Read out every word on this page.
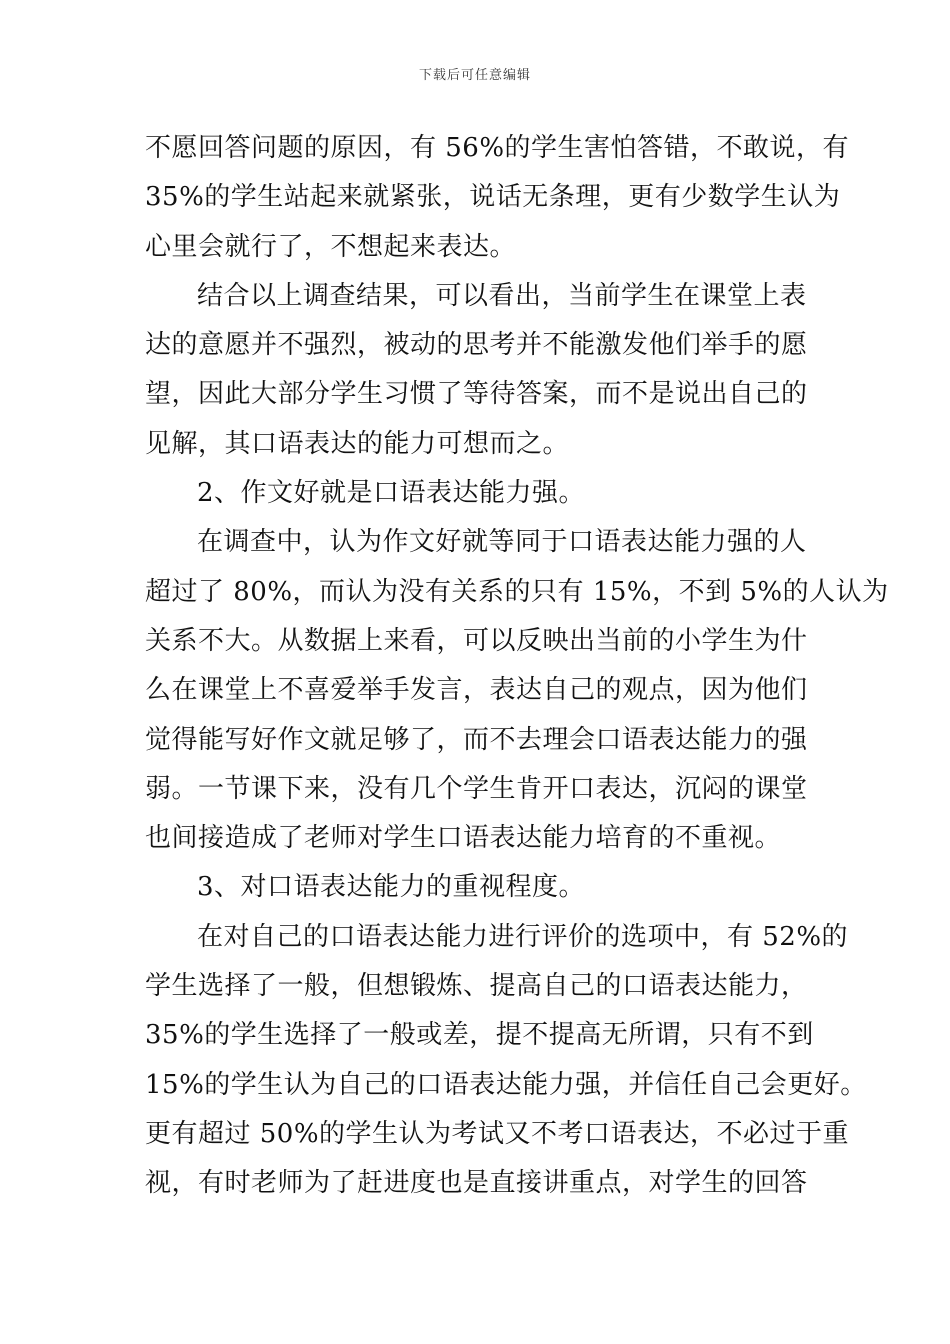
下载后可任意编辑
不愿回答问题的原因，有 56%的学生害怕答错，不敢说，有
35%的学生站起来就紧张，说话无条理，更有少数学生认为
心里会就行了，不想起来表达。
结合以上调查结果，可以看出，当前学生在课堂上表
达的意愿并不强烈，被动的思考并不能激发他们举手的愿
望，因此大部分学生习惯了等待答案，而不是说出自己的
见解，其口语表达的能力可想而之。
2、作文好就是口语表达能力强。
在调查中，认为作文好就等同于口语表达能力强的人
超过了 80%，而认为没有关系的只有 15%，不到 5%的人认为
关系不大。从数据上来看，可以反映出当前的小学生为什
么在课堂上不喜爱举手发言，表达自己的观点，因为他们
觉得能写好作文就足够了，而不去理会口语表达能力的强
弱。一节课下来，没有几个学生肯开口表达，沉闷的课堂
也间接造成了老师对学生口语表达能力培育的不重视。
3、对口语表达能力的重视程度。
在对自己的口语表达能力进行评价的选项中，有 52%的
学生选择了一般，但想锻炼、提高自己的口语表达能力，
35%的学生选择了一般或差，提不提高无所谓，只有不到
15%的学生认为自己的口语表达能力强，并信任自己会更好。
更有超过 50%的学生认为考试又不考口语表达，不必过于重
视，有时老师为了赶进度也是直接讲重点，对学生的回答
